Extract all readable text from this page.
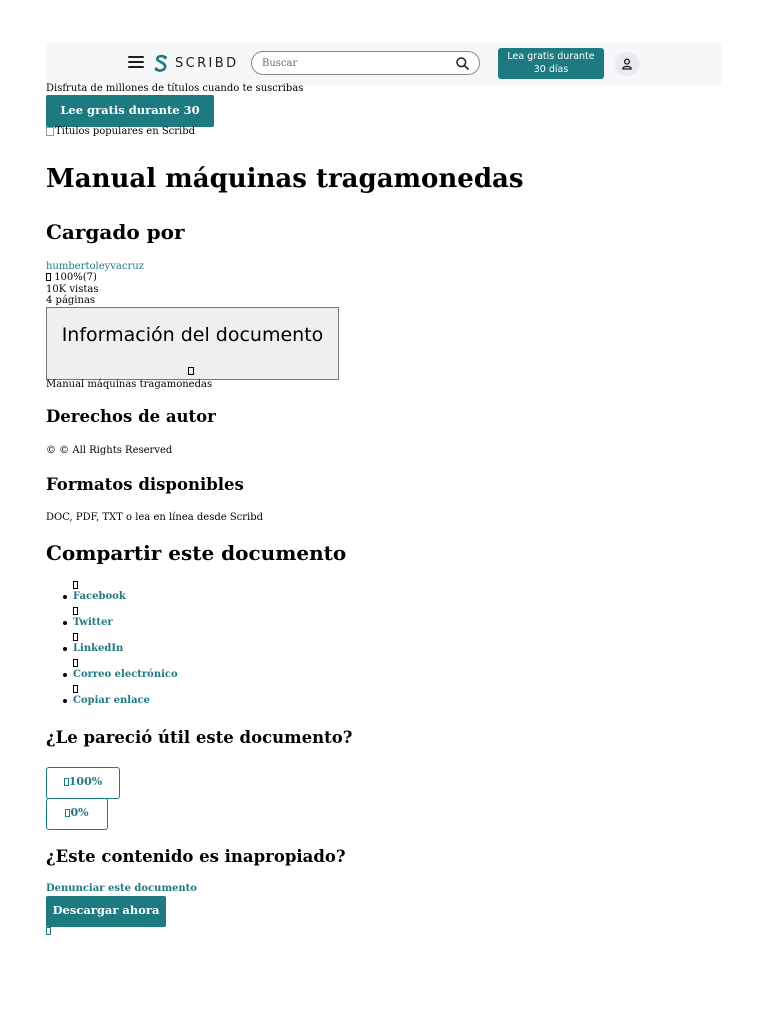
SCRIBD
Buscar	Lea gratis durante
30 días
Disfruta de millones de títulos cuando te suscribas
Lee gratis durante 30 días
Títulos populares en Scribd
Manual máquinas tragamonedas
Cargado por
humbertoleyvacruz
100%(7)
10K vistas
4 páginas
Información del documento
Manual máquinas tragamonedas
Derechos de autor
© © All Rights Reserved
Formatos disponibles
DOC, PDF, TXT o lea en línea desde Scribd
Compartir este documento
Facebook
Twitter
LinkedIn
Correo electrónico
Copiar enlace
¿Le pareció útil este documento?
100%
0%
¿Este contenido es inapropiado?
Denunciar este documento
Descargar ahora
